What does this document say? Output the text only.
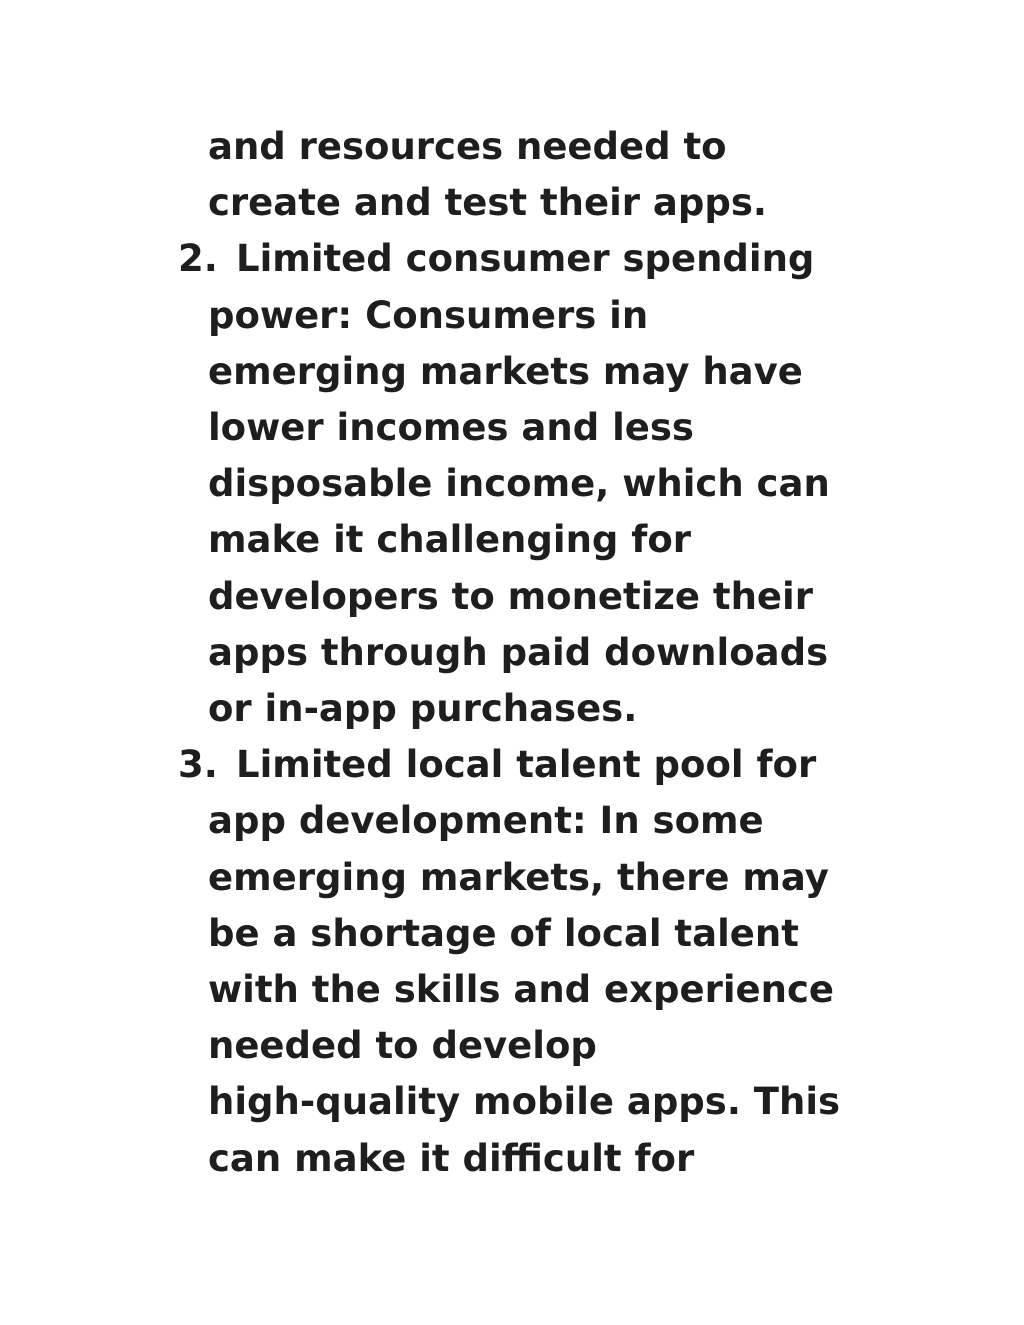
and resources needed to
create and test their apps.
2. Limited consumer spending
power: Consumers in
emerging markets may have
lower incomes and less
disposable income, which can
make it challenging for
developers to monetize their
apps through paid downloads
or in-app purchases.
3. Limited local talent pool for
app development: In some
emerging markets, there may
be a shortage of local talent
with the skills and experience
needed to develop
high-quality mobile apps. This
can make it difficult for
